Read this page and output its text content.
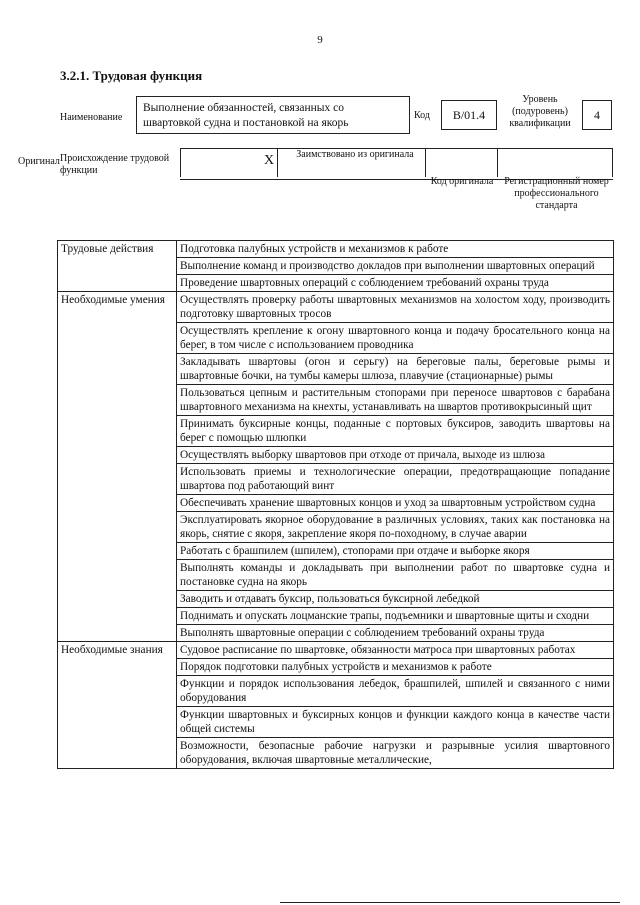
9
3.2.1. Трудовая функция
Наименование
Выполнение обязанностей, связанных со швартовкой судна и постановкой на якорь
Код B/01.4
Уровень (подуровень) квалификации
4
Происхождение трудовой функции
Оригинал	X	Заимствовано из оригинала
Код оригинала	Регистрационный номер профессионального стандарта
Трудовые действия	Подготовка палубных устройств и механизмов к работе
	Выполнение команд и производство докладов при выполнении швартовных операций
	Проведение швартовных операций с соблюдением требований охраны труда
Необходимые умения	Осуществлять проверку работы швартовных механизмов на холостом ходу, производить подготовку швартовных тросов
	Осуществлять крепление к огону швартовного конца и подачу бросательного конца на берег, в том числе с использованием проводника
	Закладывать швартовы (огон и серьгу) на береговые палы, береговые рымы и швартовные бочки, на тумбы камеры шлюза, плавучие (стационарные) рымы
	Пользоваться цепным и растительным стопорами при переносе швартовов с барабана швартовного механизма на кнехты, устанавливать на швартов противокрысиный щит
	Принимать буксирные концы, поданные с портовых буксиров, заводить швартовы на берег с помощью шлюпки
	Осуществлять выборку швартовов при отходе от причала, выходе из шлюза
	Использовать приемы и технологические операции, предотвращающие попадание швартова под работающий винт
	Обеспечивать хранение швартовных концов и уход за швартовным устройством судна
	Эксплуатировать якорное оборудование в различных условиях, таких как постановка на якорь, снятие с якоря, закрепление якоря по-походному, в случае аварии
	Работать с брашпилем (шпилем), стопорами при отдаче и выборке якоря
	Выполнять команды и докладывать при выполнении работ по швартовке судна и постановке судна на якорь
	Заводить и отдавать буксир, пользоваться буксирной лебедкой
	Поднимать и опускать лоцманские трапы, подъемники и швартовные щиты и сходни
	Выполнять швартовные операции с соблюдением требований охраны труда
Необходимые знания	Судовое расписание по швартовке, обязанности матроса при швартовных работах
	Порядок подготовки палубных устройств и механизмов к работе
	Функции и порядок использования лебедок, брашпилей, шпилей и связанного с ними оборудования
	Функции швартовных и буксирных концов и функции каждого конца в качестве части общей системы
	Возможности, безопасные рабочие нагрузки и разрывные усилия швартовного оборудования, включая швартовные металлические,
